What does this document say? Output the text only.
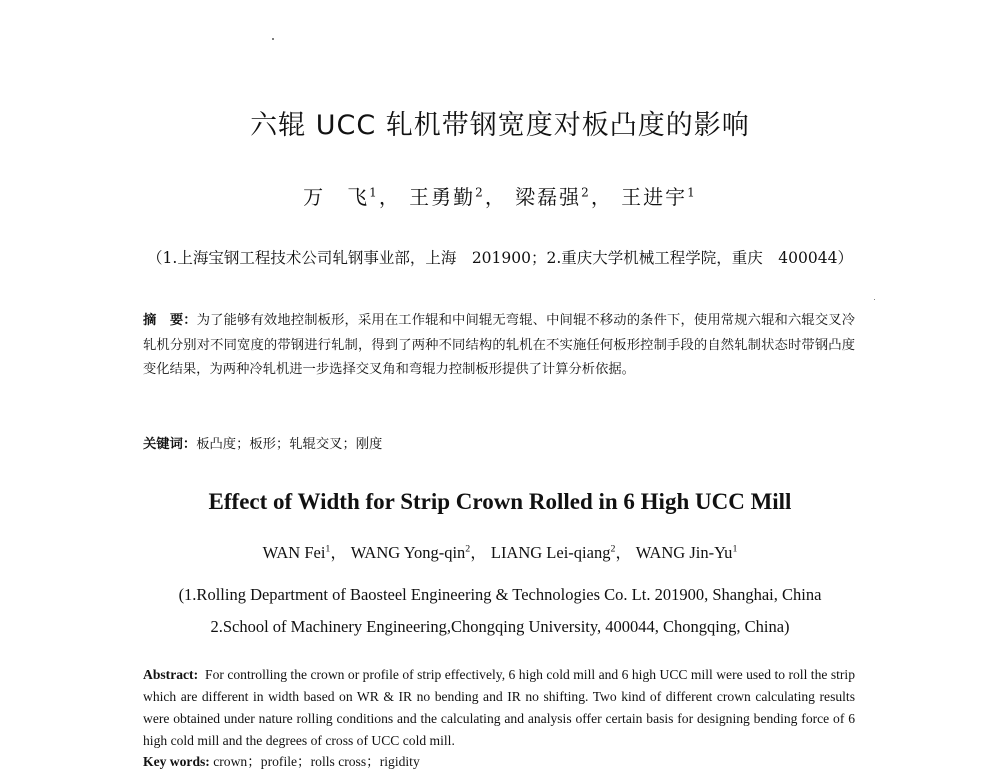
六辊 UCC 轧机带钢宽度对板凸度的影响
万　飞$^1$， 王勇勤$^2$， 梁磊强$^2$， 王进宇$^1$
（1.上海宝钢工程技术公司轧钢事业部，上海　201900；2.重庆大学机械工程学院，重庆　400044）
摘　要：为了能够有效地控制板形，采用在工作辊和中间辊无弯辊、中间辊不移动的条件下，使用常规六辊和六辊交叉冷轧机分别对不同宽度的带钢进行轧制，得到了两种不同结构的轧机在不实施任何板形控制手段的自然轧制状态时带钢凸度变化结果，为两种冷轧机进一步选择交叉角和弯辊力控制板形提供了计算分析依据。
关键词：板凸度；板形；轧辊交叉；刚度
Effect of Width for Strip Crown Rolled in 6 High UCC Mill
WAN Fei$^1$， WANG Yong-qin$^2$， LIANG Lei-qiang$^2$， WANG Jin-Yu$^1$
(1.Rolling Department of Baosteel Engineering & Technologies Co. Lt. 201900, Shanghai, China
2.School of Machinery Engineering,Chongqing University, 400044, Chongqing, China)
Abstract: For controlling the crown or profile of strip effectively, 6 high cold mill and 6 high UCC mill were used to roll the strip which are different in width based on WR & IR no bending and IR no shifting. Two kind of different crown calculating results were obtained under nature rolling conditions and the calculating and analysis offer certain basis for designing bending force of 6 high cold mill and the degrees of cross of UCC cold mill.
Key words: crown；profile；rolls cross；rigidity
